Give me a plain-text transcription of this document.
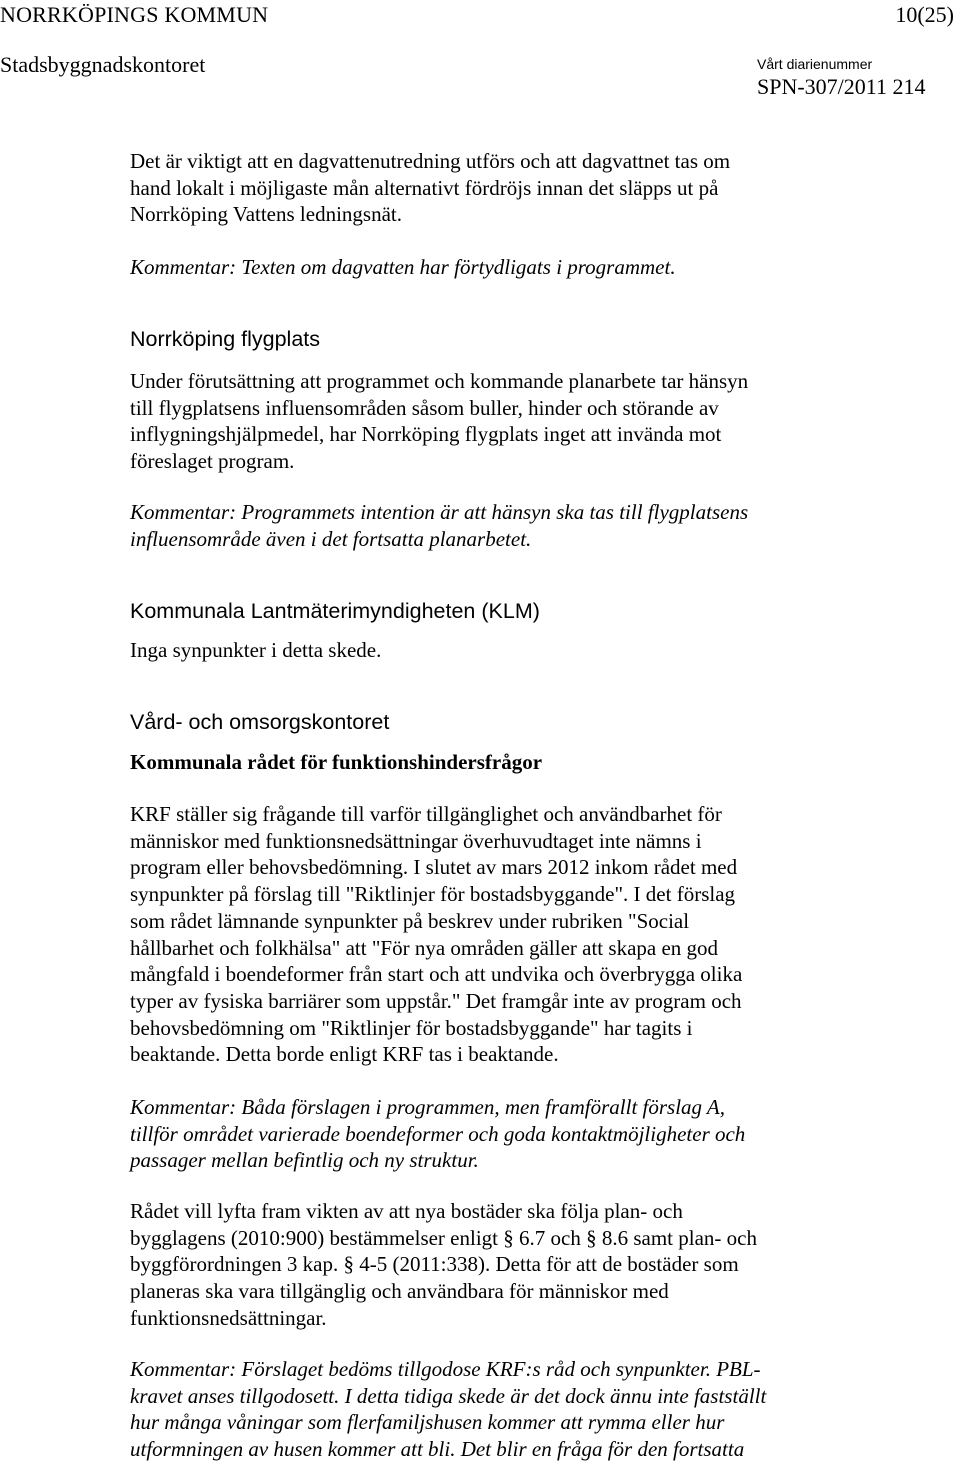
NORRKÖPINGS KOMMUN	10(25)
Stadsbyggnadskontoret	Vårt diarienummer
SPN-307/2011 214
Det är viktigt att en dagvattenutredning utförs och att dagvattnet tas om
hand lokalt i möjligaste mån alternativt fördröjs innan det släpps ut på
Norrköping Vattens ledningsnät.
Kommentar: Texten om dagvatten har förtydligats i programmet.
Norrköping flygplats
Under förutsättning att programmet och kommande planarbete tar hänsyn
till flygplatsens influensområden såsom buller, hinder och störande av
inflygningshjälpmedel, har Norrköping flygplats inget att invända mot
föreslaget program.
Kommentar: Programmets intention är att hänsyn ska tas till flygplatsens
influensområde även i det fortsatta planarbetet.
Kommunala Lantmäterimyndigheten (KLM)
Inga synpunkter i detta skede.
Vård- och omsorgskontoret
Kommunala rådet för funktionshindersfrågor
KRF ställer sig frågande till varför tillgänglighet och användbarhet för
människor med funktionsnedsättningar överhuvudtaget inte nämns i
program eller behovsbedömning. I slutet av mars 2012 inkom rådet med
synpunkter på förslag till "Riktlinjer för bostadsbyggande". I det förslag
som rådet lämnande synpunkter på beskrev under rubriken "Social
hållbarhet och folkhälsa" att "För nya områden gäller att skapa en god
mångfald i boendeformer från start och att undvika och överbrygga olika
typer av fysiska barriärer som uppstår." Det framgår inte av program och
behovsbedömning om "Riktlinjer för bostadsbyggande" har tagits i
beaktande. Detta borde enligt KRF tas i beaktande.
Kommentar: Båda förslagen i programmen, men framförallt förslag A,
tillför området varierade boendeformer och goda kontaktmöjligheter och
passager mellan befintlig och ny struktur.
Rådet vill lyfta fram vikten av att nya bostäder ska följa plan- och
bygglagens (2010:900) bestämmelser enligt § 6.7 och § 8.6 samt plan- och
byggförordningen 3 kap. § 4-5 (2011:338). Detta för att de bostäder som
planeras ska vara tillgänglig och användbara för människor med
funktionsnedsättningar.
Kommentar: Förslaget bedöms tillgodose KRF:s råd och synpunkter. PBL-
kravet anses tillgodosett. I detta tidiga skede är det dock ännu inte fastställt
hur många våningar som flerfamiljshusen kommer att rymma eller hur
utformningen av husen kommer att bli. Det blir en fråga för den fortsatta
